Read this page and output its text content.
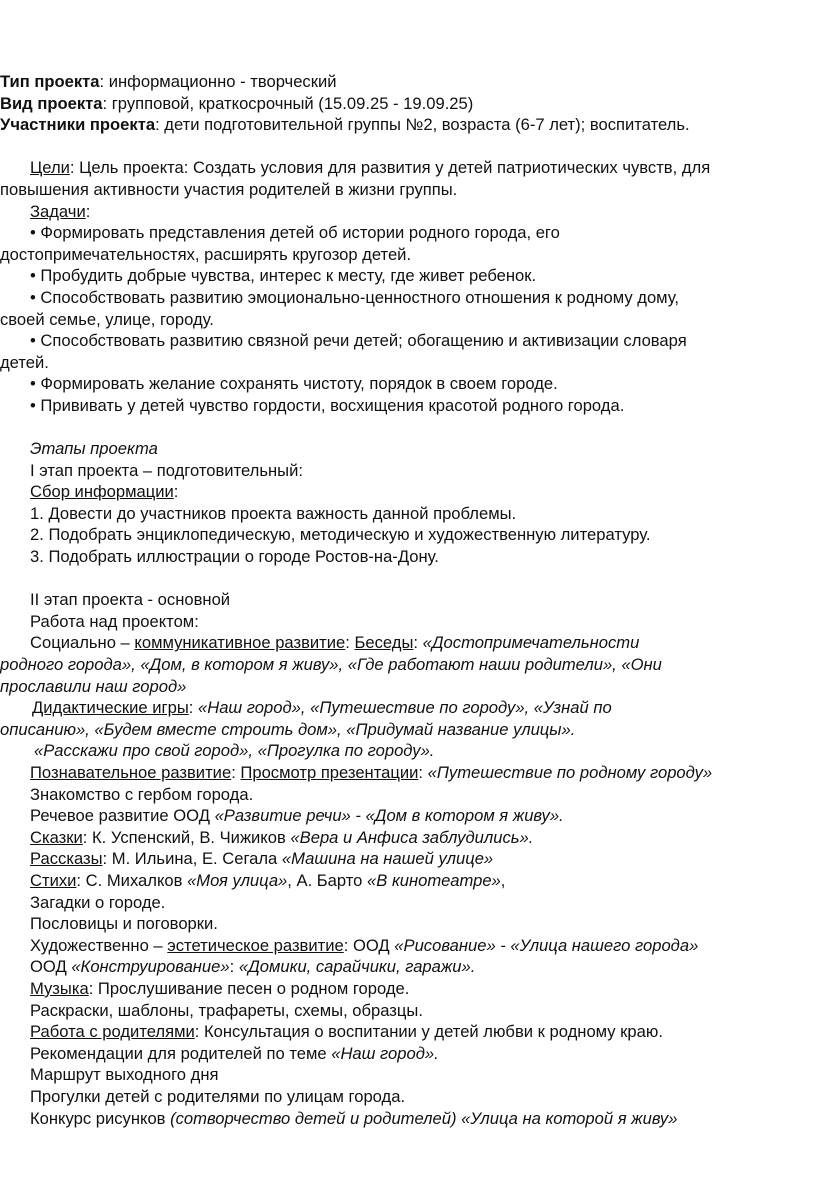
Тип проекта: информационно - творческий
Вид проекта: групповой, краткосрочный (15.09.25 - 19.09.25)
Участники проекта: дети подготовительной группы №2, возраста (6-7 лет); воспитатель.
Цели: Цель проекта: Создать условия для развития у детей патриотических чувств, для
повышения активности участия родителей в жизни группы.
Задачи:
• Формировать представления детей об истории родного города, его
достопримечательностях, расширять кругозор детей.
• Пробудить добрые чувства, интерес к месту, где живет ребенок.
• Способствовать развитию эмоционально-ценностного отношения к родному дому,
своей семье, улице, городу.
• Способствовать развитию связной речи детей; обогащению и активизации словаря
детей.
• Формировать желание сохранять чистоту, порядок в своем городе.
• Прививать у детей чувство гордости, восхищения красотой родного города.
Этапы проекта
I этап проекта – подготовительный:
Сбор информации:
1. Довести до участников проекта важность данной проблемы.
2. Подобрать энциклопедическую, методическую и художественную литературу.
3. Подобрать иллюстрации о городе Ростов-на-Дону.
II этап проекта - основной
Работа над проектом:
Социально – коммуникативное развитие: Беседы: «Достопримечательности
родного города», «Дом, в котором я живу», «Где работают наши родители», «Они
прославили наш город»
Дидактические игры: «Наш город», «Путешествие по городу», «Узнай по
описанию», «Будем вместе строить дом», «Придумай название улицы».
«Расскажи про свой город», «Прогулка по городу».
Познавательное развитие: Просмотр презентации: «Путешествие по родному городу»
Знакомство с гербом города.
Речевое развитие ООД «Развитие речи» - «Дом в котором я живу».
Сказки: К. Успенский, В. Чижиков «Вера и Анфиса заблудились».
Рассказы: М. Ильина, Е. Сегала «Машина на нашей улице»
Стихи: С. Михалков «Моя улица», А. Барто «В кинотеатре»,
Загадки о городе.
Пословицы и поговорки.
Художественно – эстетическое развитие: ООД «Рисование» - «Улица нашего города»
ООД «Конструирование»: «Домики, сарайчики, гаражи».
Музыка: Прослушивание песен о родном городе.
Раскраски, шаблоны, трафареты, схемы, образцы.
Работа с родителями: Консультация о воспитании у детей любви к родному краю.
Рекомендации для родителей по теме «Наш город».
Маршрут выходного дня
Прогулки детей с родителями по улицам города.
Конкурс рисунков (сотворчество детей и родителей) «Улица на которой я живу»
